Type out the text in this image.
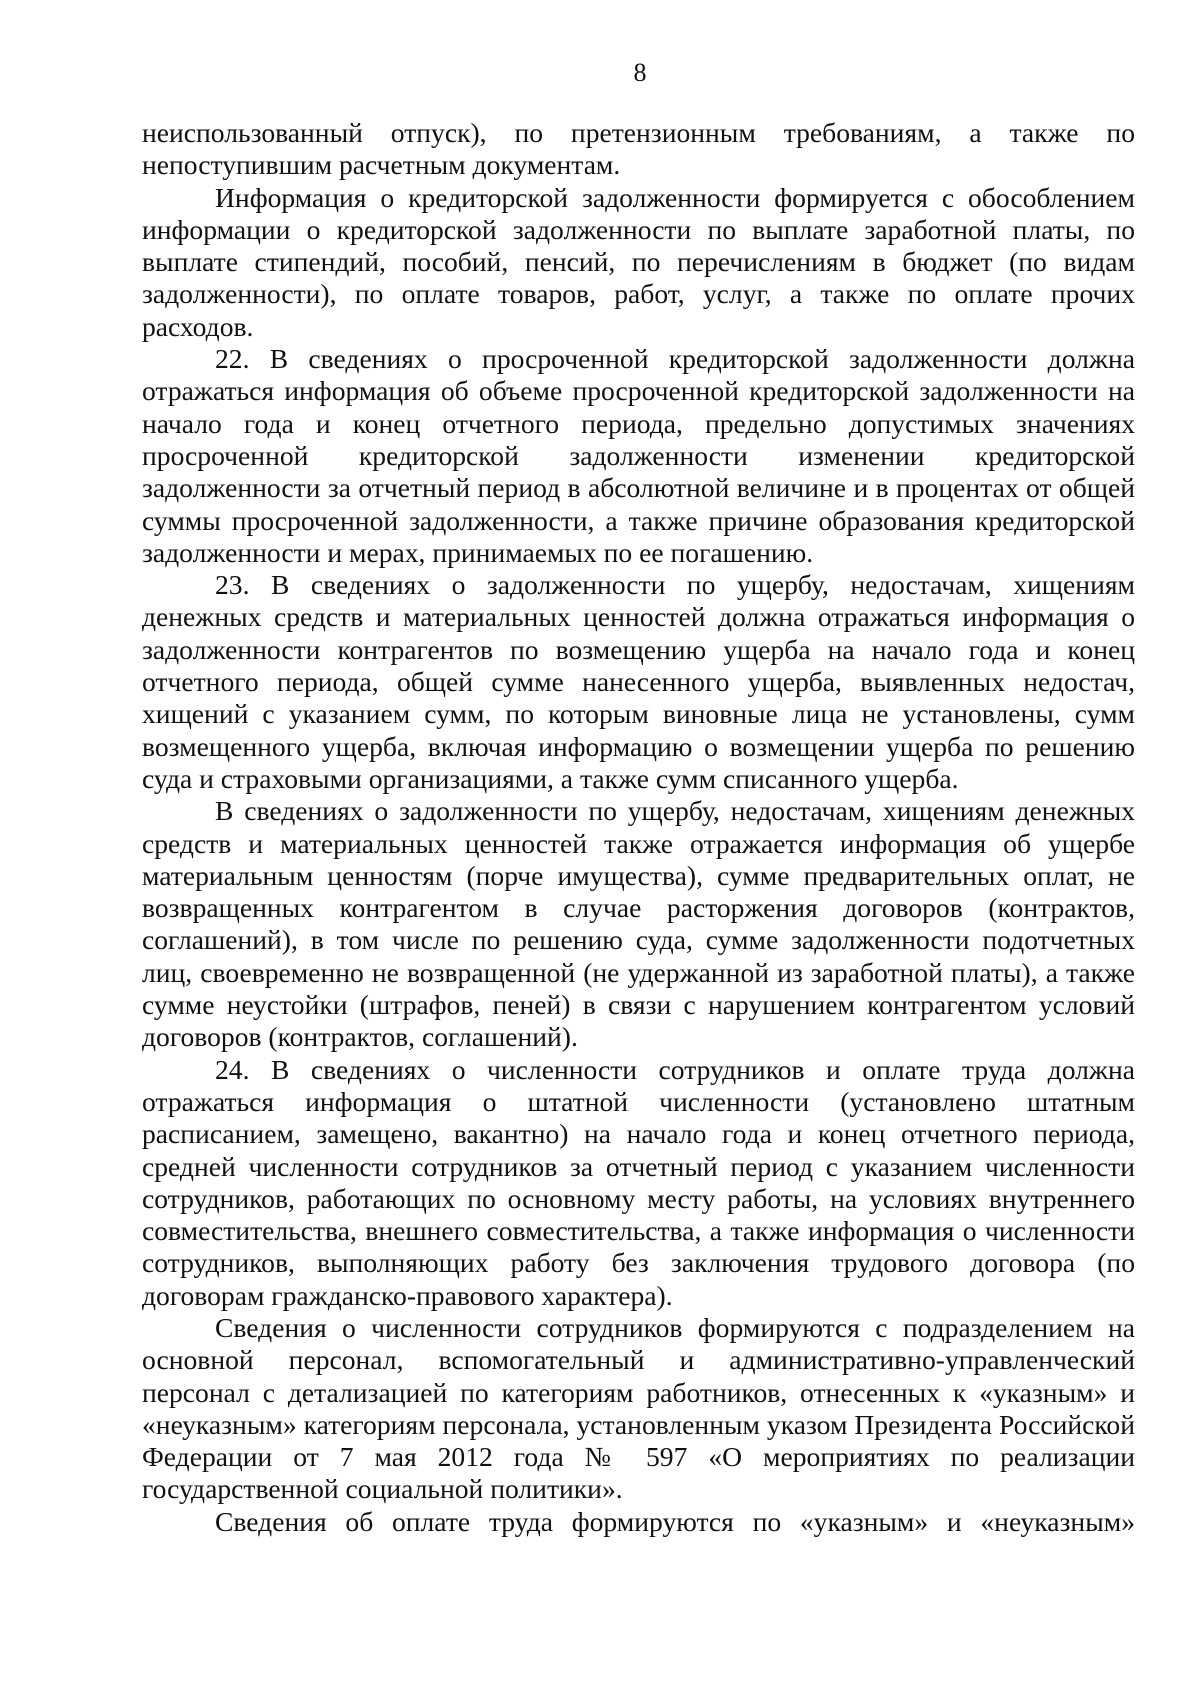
8

неиспользованный отпуск), по претензионным требованиям, а также по непоступившим расчетным документам.

Информация о кредиторской задолженности формируется с обособлением информации о кредиторской задолженности по выплате заработной платы, по выплате стипендий, пособий, пенсий, по перечислениям в бюджет (по видам задолженности), по оплате товаров, работ, услуг, а также по оплате прочих расходов.

22. В сведениях о просроченной кредиторской задолженности должна отражаться информация об объеме просроченной кредиторской задолженности на начало года и конец отчетного периода, предельно допустимых значениях просроченной кредиторской задолженности изменении кредиторской задолженности за отчетный период в абсолютной величине и в процентах от общей суммы просроченной задолженности, а также причине образования кредиторской задолженности и мерах, принимаемых по ее погашению.

23. В сведениях о задолженности по ущербу, недостачам, хищениям денежных средств и материальных ценностей должна отражаться информация о задолженности контрагентов по возмещению ущерба на начало года и конец отчетного периода, общей сумме нанесенного ущерба, выявленных недостач, хищений с указанием сумм, по которым виновные лица не установлены, сумм возмещенного ущерба, включая информацию о возмещении ущерба по решению суда и страховыми организациями, а также сумм списанного ущерба.

В сведениях о задолженности по ущербу, недостачам, хищениям денежных средств и материальных ценностей также отражается информация об ущербе материальным ценностям (порче имущества), сумме предварительных оплат, не возвращенных контрагентом в случае расторжения договоров (контрактов, соглашений), в том числе по решению суда, сумме задолженности подотчетных лиц, своевременно не возвращенной (не удержанной из заработной платы), а также сумме неустойки (штрафов, пеней) в связи с нарушением контрагентом условий договоров (контрактов, соглашений).

24. В сведениях о численности сотрудников и оплате труда должна отражаться информация о штатной численности (установлено штатным расписанием, замещено, вакантно) на начало года и конец отчетного периода, средней численности сотрудников за отчетный период с указанием численности сотрудников, работающих по основному месту работы, на условиях внутреннего совместительства, внешнего совместительства, а также информация о численности сотрудников, выполняющих работу без заключения трудового договора (по договорам гражданско-правового характера).

Сведения о численности сотрудников формируются с подразделением на основной персонал, вспомогательный и административно-управленческий персонал с детализацией по категориям работников, отнесенных к «указным» и «неуказным» категориям персонала, установленным указом Президента Российской Федерации от 7 мая 2012 года № 597 «О мероприятиях по реализации государственной социальной политики».

Сведения об оплате труда формируются по «указным» и «неуказным»
